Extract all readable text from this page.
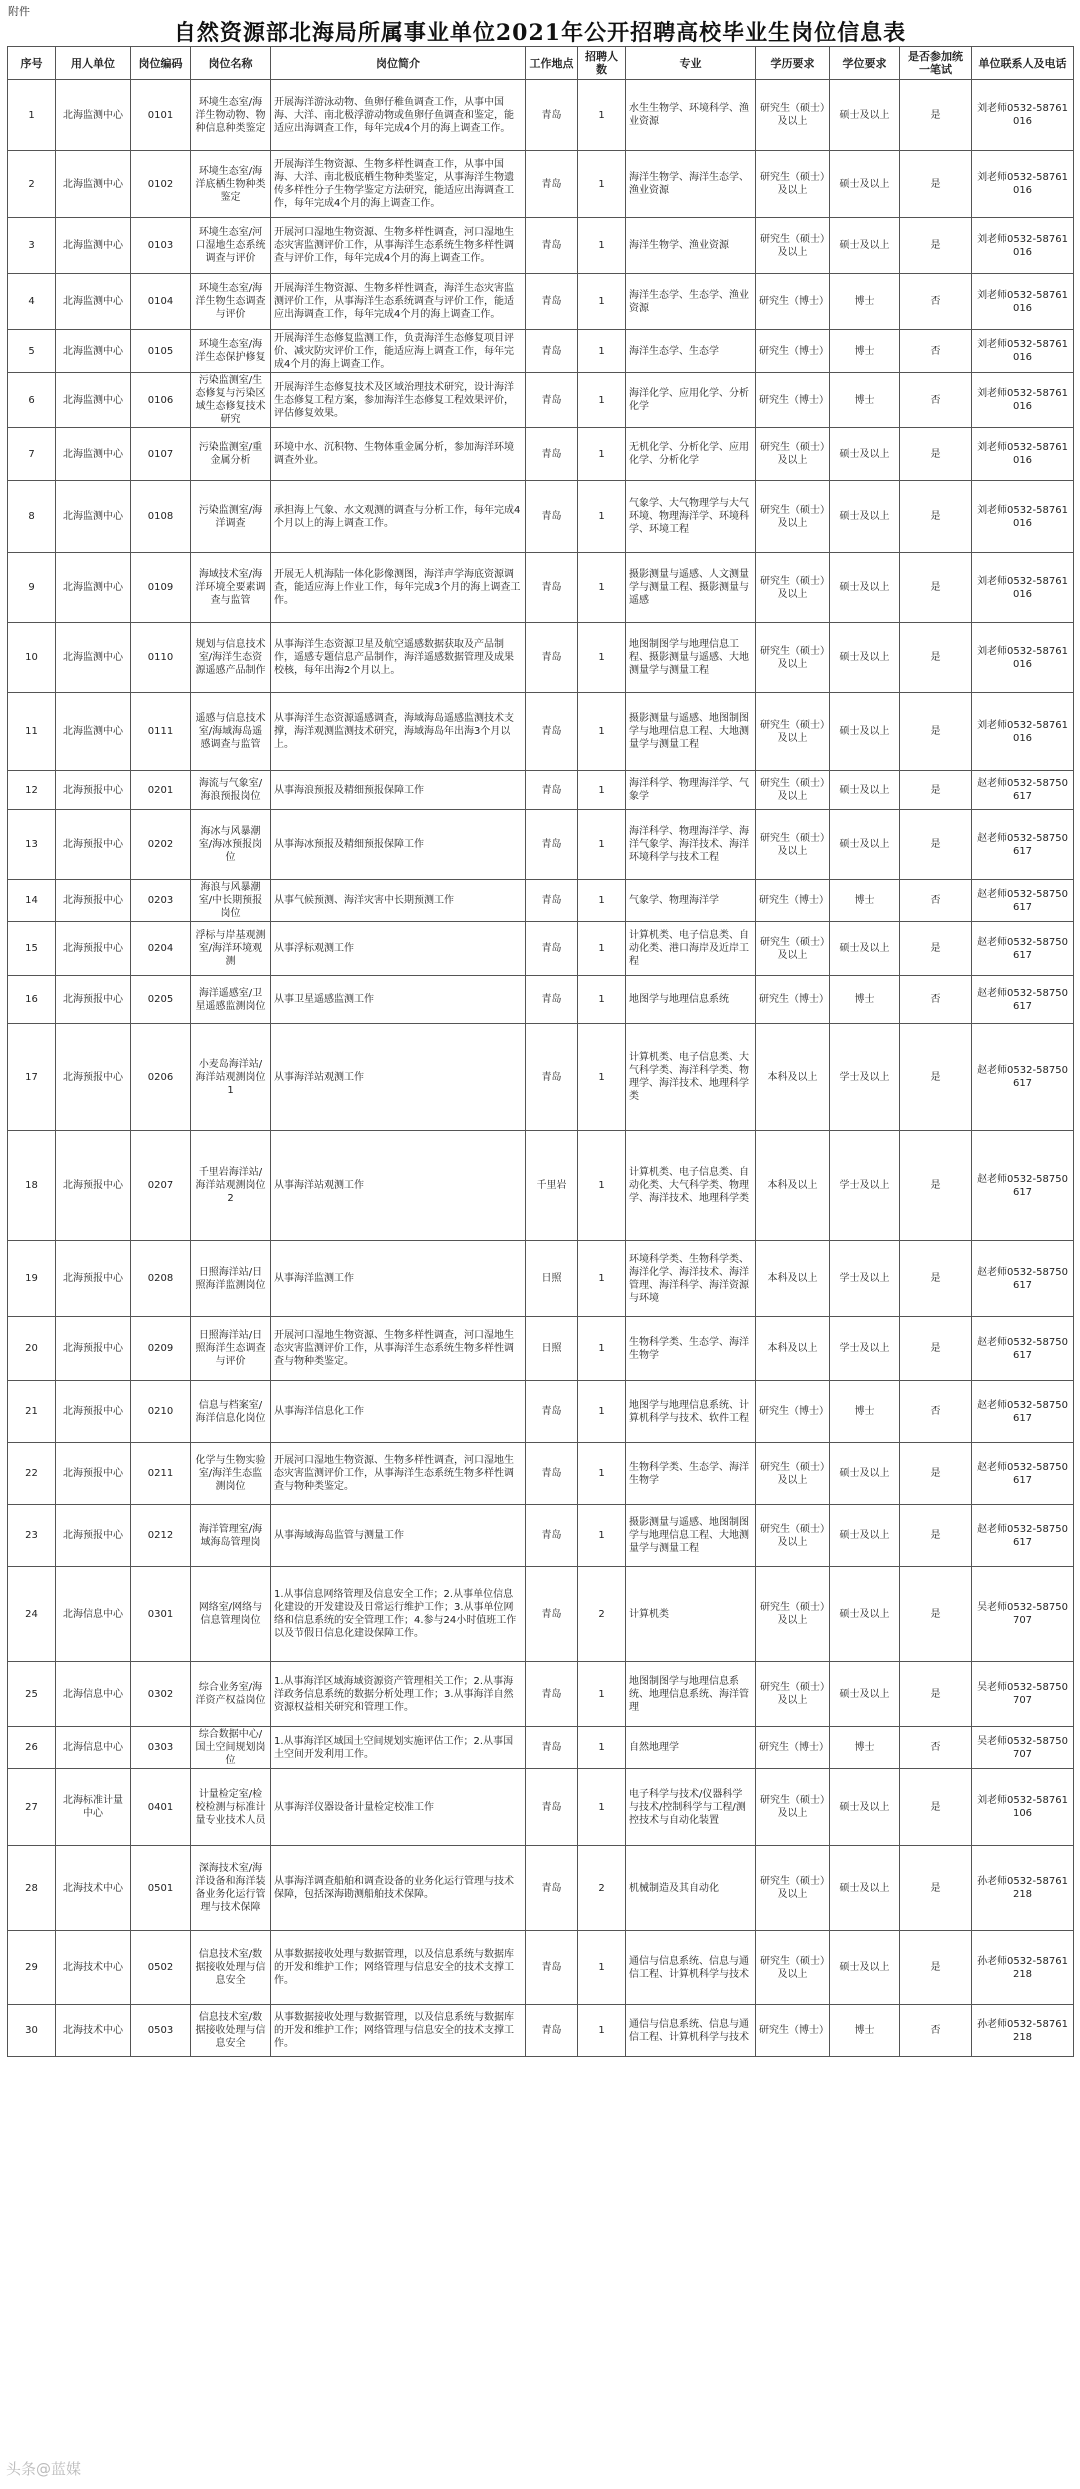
附件
自然资源部北海局所属事业单位2021年公开招聘高校毕业生岗位信息表
序号	用人单位	岗位编码	岗位名称	岗位简介	工作地点	招聘人数	专业	学历要求	学位要求	是否参加统一笔试	单位联系人及电话
1	北海监测中心	0101	环境生态室/海洋生物动物、物种信息种类鉴定	开展海洋游泳动物、鱼卵仔稚鱼调查工作，从事中国海、大洋、南北极浮游动物或鱼卵仔鱼调查和鉴定，能适应出海调查工作，每年完成4个月的海上调查工作。	青岛	1	水生生物学、环境科学、渔业资源	研究生（硕士）及以上	硕士及以上	是	刘老师0532-58761016
2	北海监测中心	0102	环境生态室/海洋底栖生物种类鉴定	开展海洋生物资源、生物多样性调查工作，从事中国海、大洋、南北极底栖生物种类鉴定，从事海洋生物遗传多样性分子生物学鉴定方法研究，能适应出海调查工作，每年完成4个月的海上调查工作。	青岛	1	海洋生物学、海洋生态学、渔业资源	研究生（硕士）及以上	硕士及以上	是	刘老师0532-58761016
3	北海监测中心	0103	环境生态室/河口湿地生态系统调查与评价	开展河口湿地生物资源、生物多样性调查，河口湿地生态灾害监测评价工作，从事海洋生态系统生物多样性调查与评价工作，每年完成4个月的海上调查工作。	青岛	1	海洋生物学、渔业资源	研究生（硕士）及以上	硕士及以上	是	刘老师0532-58761016
4	北海监测中心	0104	环境生态室/海洋生物生态调查与评价	开展海洋生物资源、生物多样性调查，海洋生态灾害监测评价工作，从事海洋生态系统调查与评价工作，能适应出海调查工作，每年完成4个月的海上调查工作。	青岛	1	海洋生态学、生态学、渔业资源	研究生（博士）	博士	否	刘老师0532-58761016
5	北海监测中心	0105	环境生态室/海洋生态保护修复	开展海洋生态修复监测工作，负责海洋生态修复项目评价、减灾防灾评价工作，能适应海上调查工作，每年完成4个月的海上调查工作。	青岛	1	海洋生态学、生态学	研究生（博士）	博士	否	刘老师0532-58761016
6	北海监测中心	0106	污染监测室/生态修复与污染区域生态修复技术研究	开展海洋生态修复技术及区域治理技术研究，设计海洋生态修复工程方案，参加海洋生态修复工程效果评价，评估修复效果。	青岛	1	海洋化学、应用化学、分析化学	研究生（博士）	博士	否	刘老师0532-58761016
7	北海监测中心	0107	污染监测室/重金属分析	环境中水、沉积物、生物体重金属分析，参加海洋环境调查外业。	青岛	1	无机化学、分析化学、应用化学、分析化学	研究生（硕士）及以上	硕士及以上	是	刘老师0532-58761016
8	北海监测中心	0108	污染监测室/海洋调查	承担海上气象、水文观测的调查与分析工作，每年完成4个月以上的海上调查工作。	青岛	1	气象学、大气物理学与大气环境、物理海洋学、环境科学、环境工程	研究生（硕士）及以上	硕士及以上	是	刘老师0532-58761016
9	北海监测中心	0109	海域技术室/海洋环境全要素调查与监管	开展无人机海陆一体化影像测图，海洋声学海底资源调查，能适应海上作业工作，每年完成3个月的海上调查工作。	青岛	1	摄影测量与遥感、人文测量学与测量工程、摄影测量与遥感	研究生（硕士）及以上	硕士及以上	是	刘老师0532-58761016
10	北海监测中心	0110	规划与信息技术室/海洋生态资源遥感产品制作	从事海洋生态资源卫星及航空遥感数据获取及产品制作，遥感专题信息产品制作，海洋遥感数据管理及成果校核，每年出海2个月以上。	青岛	1	地图制图学与地理信息工程、摄影测量与遥感、大地测量学与测量工程	研究生（硕士）及以上	硕士及以上	是	刘老师0532-58761016
11	北海监测中心	0111	遥感与信息技术室/海域海岛遥感调查与监管	从事海洋生态资源遥感调查，海域海岛遥感监测技术支撑，海洋观测监测技术研究，海域海岛年出海3个月以上。	青岛	1	摄影测量与遥感、地图制图学与地理信息工程、大地测量学与测量工程	研究生（硕士）及以上	硕士及以上	是	刘老师0532-58761016
12	北海预报中心	0201	海流与气象室/海浪预报岗位	从事海浪预报及精细预报保障工作	青岛	1	海洋科学、物理海洋学、气象学	研究生（硕士）及以上	硕士及以上	是	赵老师0532-58750617
13	北海预报中心	0202	海冰与风暴潮室/海冰预报岗位	从事海冰预报及精细预报保障工作	青岛	1	海洋科学、物理海洋学、海洋气象学、海洋技术、海洋环境科学与技术工程	研究生（硕士）及以上	硕士及以上	是	赵老师0532-58750617
14	北海预报中心	0203	海浪与风暴潮室/中长期预报岗位	从事气候预测、海洋灾害中长期预测工作	青岛	1	气象学、物理海洋学	研究生（博士）	博士	否	赵老师0532-58750617
15	北海预报中心	0204	浮标与岸基观测室/海洋环境观测	从事浮标观测工作	青岛	1	计算机类、电子信息类、自动化类、港口海岸及近岸工程	研究生（硕士）及以上	硕士及以上	是	赵老师0532-58750617
16	北海预报中心	0205	海洋遥感室/卫星遥感监测岗位	从事卫星遥感监测工作	青岛	1	地图学与地理信息系统	研究生（博士）	博士	否	赵老师0532-58750617
17	北海预报中心	0206	小麦岛海洋站/海洋站观测岗位1	从事海洋站观测工作	青岛	1	计算机类、电子信息类、大气科学类、海洋科学类、物理学、海洋技术、地理科学类	本科及以上	学士及以上	是	赵老师0532-58750617
18	北海预报中心	0207	千里岩海洋站/海洋站观测岗位2	从事海洋站观测工作	千里岩	1	计算机类、电子信息类、自动化类、大气科学类、物理学、海洋技术、地理科学类	本科及以上	学士及以上	是	赵老师0532-58750617
19	北海预报中心	0208	日照海洋站/日照海洋监测岗位	从事海洋监测工作	日照	1	环境科学类、生物科学类、海洋化学、海洋技术、海洋管理、海洋科学、海洋资源与环境	本科及以上	学士及以上	是	赵老师0532-58750617
20	北海预报中心	0209	日照海洋站/日照海洋生态调查与评价	开展河口湿地生物资源、生物多样性调查，河口湿地生态灾害监测评价工作，从事海洋生态系统生物多样性调查与物种类鉴定。	日照	1	生物科学类、生态学、海洋生物学	本科及以上	学士及以上	是	赵老师0532-58750617
21	北海预报中心	0210	信息与档案室/海洋信息化岗位	从事海洋信息化工作	青岛	1	地图学与地理信息系统、计算机科学与技术、软件工程	研究生（博士）	博士	否	赵老师0532-58750617
22	北海预报中心	0211	化学与生物实验室/海洋生态监测岗位	开展河口湿地生物资源、生物多样性调查，河口湿地生态灾害监测评价工作，从事海洋生态系统生物多样性调查与物种类鉴定。	青岛	1	生物科学类、生态学、海洋生物学	研究生（硕士）及以上	硕士及以上	是	赵老师0532-58750617
23	北海预报中心	0212	海洋管理室/海域海岛管理岗	从事海域海岛监管与测量工作	青岛	1	摄影测量与遥感、地图制图学与地理信息工程、大地测量学与测量工程	研究生（硕士）及以上	硕士及以上	是	赵老师0532-58750617
24	北海信息中心	0301	网络室/网络与信息管理岗位	1.从事信息网络管理及信息安全工作；2.从事单位信息化建设的开发建设及日常运行维护工作；3.从事单位网络和信息系统的安全管理工作；4.参与24小时值班工作以及节假日信息化建设保障工作。	青岛	2	计算机类	研究生（硕士）及以上	硕士及以上	是	吴老师0532-58750707
25	北海信息中心	0302	综合业务室/海洋资产权益岗位	1.从事海洋区域海域资源资产管理相关工作；2.从事海洋政务信息系统的数据分析处理工作；3.从事海洋自然资源权益相关研究和管理工作。	青岛	1	地图制图学与地理信息系统、地理信息系统、海洋管理	研究生（硕士）及以上	硕士及以上	是	吴老师0532-58750707
26	北海信息中心	0303	综合数据中心/国土空间规划岗位	1.从事海洋区域国土空间规划实施评估工作；2.从事国土空间开发利用工作。	青岛	1	自然地理学	研究生（博士）	博士	否	吴老师0532-58750707
27	北海标准计量中心	0401	计量检定室/检校检测与标准计量专业技术人员	从事海洋仪器设备计量检定校准工作	青岛	1	电子科学与技术/仪器科学与技术/控制科学与工程/测控技术与自动化装置	研究生（硕士）及以上	硕士及以上	是	刘老师0532-58761106
28	北海技术中心	0501	深海技术室/海洋设备和海洋装备业务化运行管理与技术保障	从事海洋调查船舶和调查设备的业务化运行管理与技术保障，包括深海勘测船舶技术保障。	青岛	2	机械制造及其自动化	研究生（硕士）及以上	硕士及以上	是	孙老师0532-58761218
29	北海技术中心	0502	信息技术室/数据接收处理与信息安全	从事数据接收处理与数据管理，以及信息系统与数据库的开发和维护工作；网络管理与信息安全的技术支撑工作。	青岛	1	通信与信息系统、信息与通信工程、计算机科学与技术	研究生（硕士）及以上	硕士及以上	是	孙老师0532-58761218
30	北海技术中心	0503	信息技术室/数据接收处理与信息安全	从事数据接收处理与数据管理，以及信息系统与数据库的开发和维护工作；网络管理与信息安全的技术支撑工作。	青岛	1	通信与信息系统、信息与通信工程、计算机科学与技术	研究生（博士）	博士	否	孙老师0532-58761218
头条@蓝媒
